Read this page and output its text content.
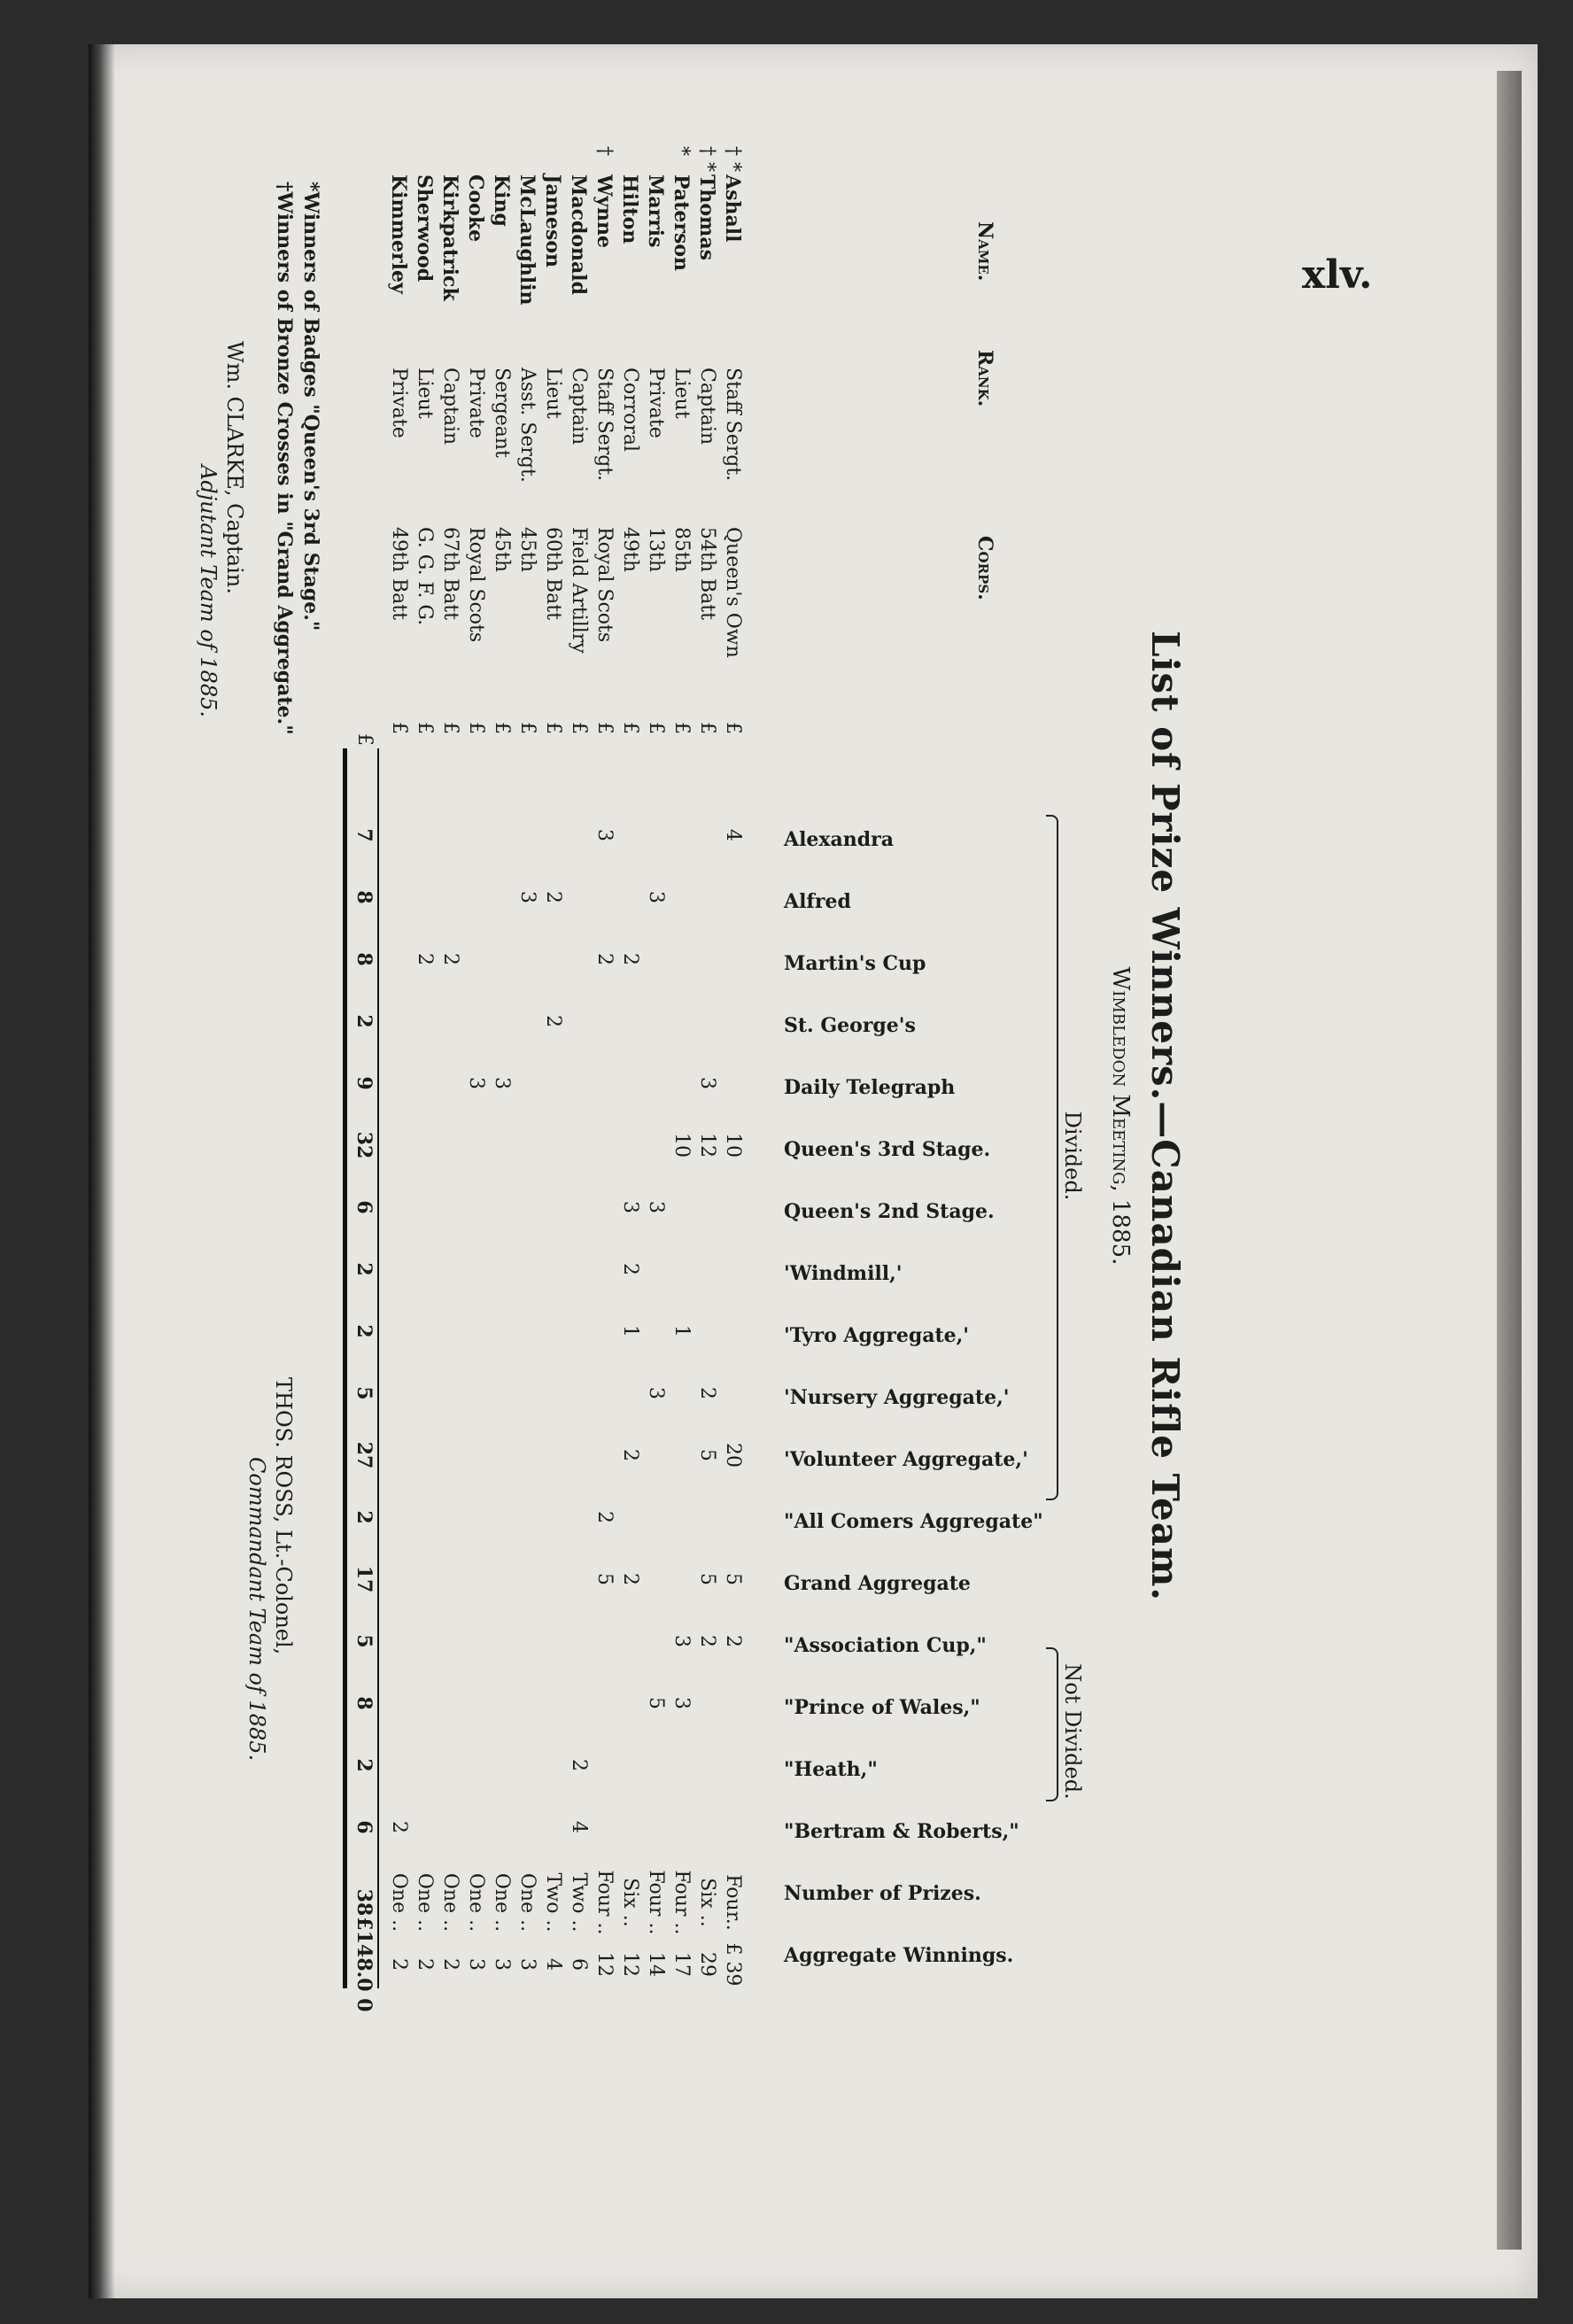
xlv.
List of Prize Winners.—Canadian Rifle Team.
Wimbledon Meeting, 1885.
Name.
Rank.
Corps.
Divided.
Not Divided.
Alexandra
Alfred
Martin's Cup
St. George's
Daily Telegraph
Queen's 3rd Stage.
Queen's 2nd Stage.
'Windmill,'
'Tyro Aggregate,'
'Nursery Aggregate,'
'Volunteer Aggregate,'
"All Comers Aggregate"
Grand Aggregate
"Association Cup,"
"Prince of Wales,"
"Heath,"
"Bertram & Roberts,"
Number of Prizes.
Aggregate Winnings.
† *
Ashall
Staff Sergt.
Queen's Own
£
4
10
20
5
2
Four..
£ 39
† *
Thomas
Captain
54th Batt
£
3
12
2
5
5
2
Six ..
29
*
Paterson
Lieut
85th
£
10
1
3
3
Four ..
17
Marris
Private
13th
£
3
3
3
5
Four ..
14
Hilton
Corroral
49th
£
2
3
2
1
2
2
Six ..
12
†
Wynne
Staff Sergt.
Royal Scots
£
3
2
2
5
Four ..
12
Macdonald
Captain
Field Artillry
£
2
4
Two ..
6
Jameson
Lieut
60th Batt
£
2
2
Two ..
4
McLaughlin
Asst. Sergt.
45th
£
3
One ..
3
King
Sergeant
45th
£
3
One ..
3
Cooke
Private
Royal Scots
£
3
One ..
3
Kirkpatrick
Captain
67th Batt
£
2
One ..
2
Sherwood
Lieut
G. G. F. G.
£
2
One ..
2
Kimmerley
Private
49th Batt
£
2
One ..
2
£
7
8
8
2
9
32
6
2
2
5
27
2
17
5
8
2
6
38
£148.0 0
*Winners of Badges "Queen's 3rd Stage."
†Winners of Bronze Crosses in "Grand Aggregate."
Wm. CLARKE, Captain.
Adjutant Team of 1885.
THOS. ROSS, Lt.-Colonel,
Commandant Team of 1885.
